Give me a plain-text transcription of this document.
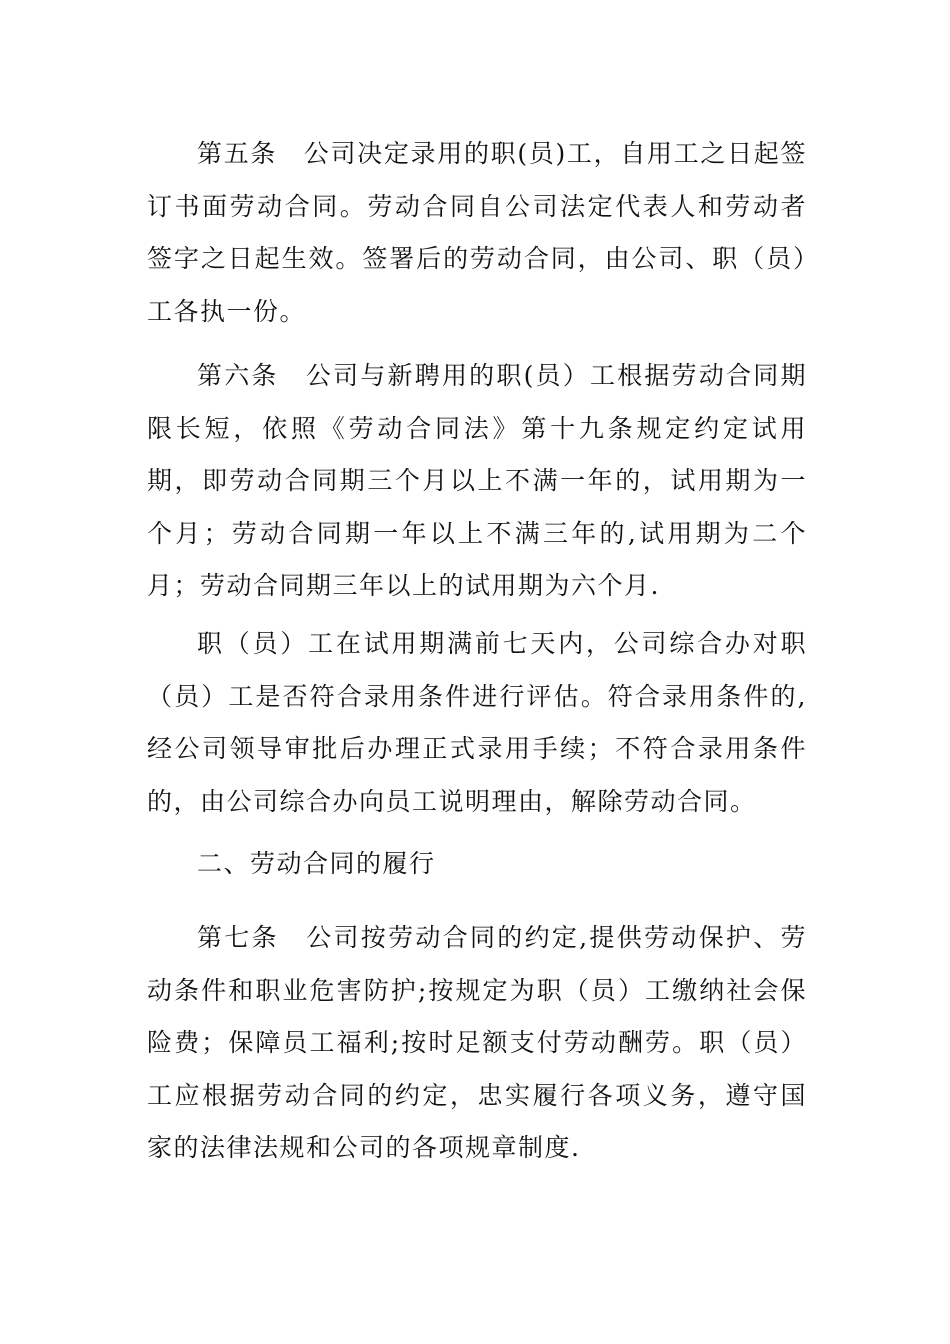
第五条　公司决定录用的职(员)工，自用工之日起签订书面劳动合同。劳动合同自公司法定代表人和劳动者签字之日起生效。签署后的劳动合同，由公司、职（员）工各执一份。

第六条　公司与新聘用的职(员）工根据劳动合同期限长短，依照《劳动合同法》第十九条规定约定试用期，即劳动合同期三个月以上不满一年的，试用期为一个月；劳动合同期一年以上不满三年的,试用期为二个月；劳动合同期三年以上的试用期为六个月.

职（员）工在试用期满前七天内，公司综合办对职（员）工是否符合录用条件进行评估。符合录用条件的,经公司领导审批后办理正式录用手续；不符合录用条件的，由公司综合办向员工说明理由，解除劳动合同。

二、劳动合同的履行

第七条　公司按劳动合同的约定,提供劳动保护、劳动条件和职业危害防护;按规定为职（员）工缴纳社会保险费；保障员工福利;按时足额支付劳动酬劳。职（员）工应根据劳动合同的约定，忠实履行各项义务，遵守国家的法律法规和公司的各项规章制度.
